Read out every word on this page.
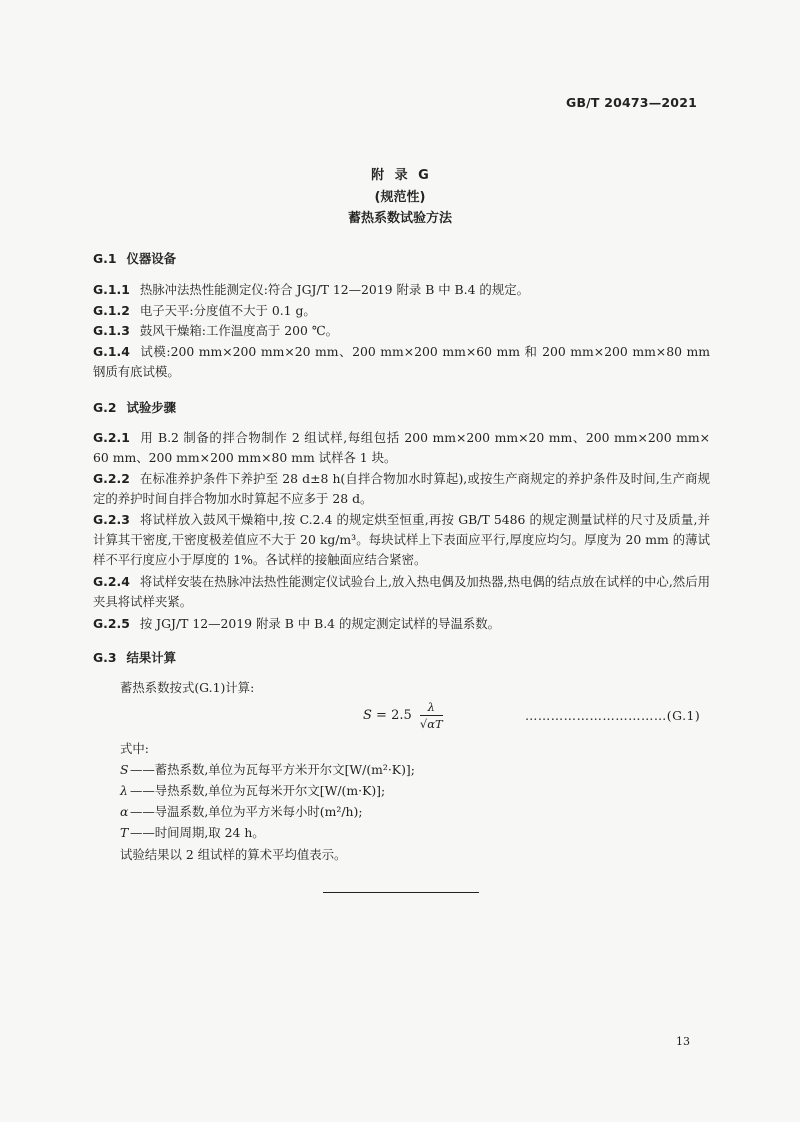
GB/T 20473—2021
附 录 G
(规范性)
蓄热系数试验方法
G.1 仪器设备
G.1.1 热脉冲法热性能测定仪:符合 JGJ/T 12—2019 附录 B 中 B.4 的规定。
G.1.2 电子天平:分度值不大于 0.1 g。
G.1.3 鼓风干燥箱:工作温度高于 200 ℃。
G.1.4 试模:200 mm×200 mm×20 mm、200 mm×200 mm×60 mm 和 200 mm×200 mm×80 mm 钢质有底试模。
G.2 试验步骤
G.2.1 用 B.2 制备的拌合物制作 2 组试样,每组包括 200 mm×200 mm×20 mm、200 mm×200 mm× 60 mm、200 mm×200 mm×80 mm 试样各 1 块。
G.2.2 在标准养护条件下养护至 28 d±8 h(自拌合物加水时算起),或按生产商规定的养护条件及时间,生产商规定的养护时间自拌合物加水时算起不应多于 28 d。
G.2.3 将试样放入鼓风干燥箱中,按 C.2.4 的规定烘至恒重,再按 GB/T 5486 的规定测量试样的尺寸及质量,并计算其干密度,干密度极差值应不大于 20 kg/m³。每块试样上下表面应平行,厚度应均匀。厚度为 20 mm 的薄试样不平行度应小于厚度的 1%。各试样的接触面应结合紧密。
G.2.4 将试样安装在热脉冲法热性能测定仪试验台上,放入热电偶及加热器,热电偶的结点放在试样的中心,然后用夹具将试样夹紧。
G.2.5 按 JGJ/T 12—2019 附录 B 中 B.4 的规定测定试样的导温系数。
G.3 结果计算
蓄热系数按式(G.1)计算:
$S = 2.5 \frac{\lambda}{√\alpha T}$	……………………………(G.1)
式中:
S ——蓄热系数,单位为瓦每平方米开尔文[W/(m²·K)];
λ ——导热系数,单位为瓦每米开尔文[W/(m·K)];
α ——导温系数,单位为平方米每小时(m²/h);
T ——时间周期,取 24 h。
试验结果以 2 组试样的算术平均值表示。
13
